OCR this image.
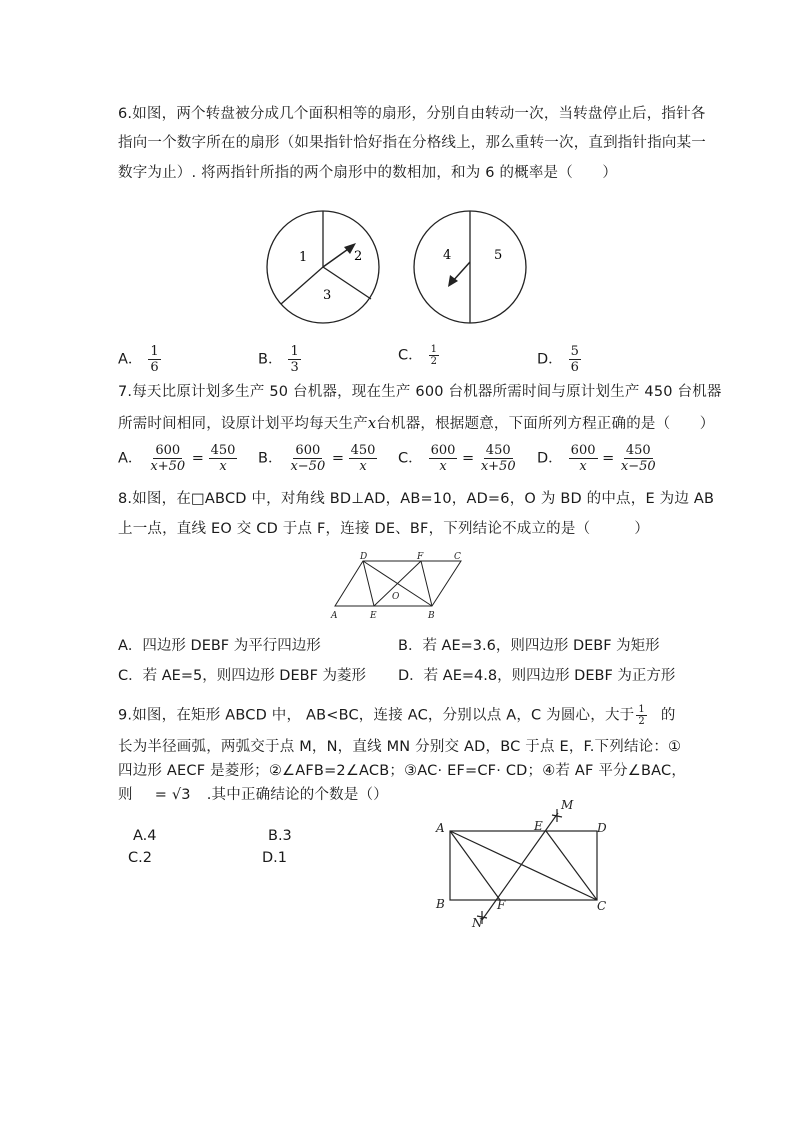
6.如图，两个转盘被分成几个面积相等的扇形，分别自由转动一次，当转盘停止后，指针各
指向一个数字所在的扇形（如果指针恰好指在分格线上，那么重转一次，直到指针指向某一
数字为止）. 将两指针所指的两个扇形中的数相加，和为 6 的概率是（　　）
1	2
3
4	5
A． $\frac{1}{6}$	B． $\frac{1}{3}$	C． $\frac{1}{2}$	D． $\frac{5}{6}$
7.每天比原计划多生产 50 台机器，现在生产 600 台机器所需时间与原计划生产 450 台机器
所需时间相同，设原计划平均每天生产x台机器，根据题意，下面所列方程正确的是（　　）
A． $\frac{600}{x+50} = \frac{450}{x}$ B． $\frac{600}{x-50} = \frac{450}{x}$ C． $\frac{600}{x} = \frac{450}{x+50}$ D． $\frac{600}{x} = \frac{450}{x-50}$
8.如图，在□ABCD 中，对角线 BD⊥AD，AB=10，AD=6，O 为 BD 的中点，E 为边 AB
上一点，直线 EO 交 CD 于点 F，连接 DE、BF，下列结论不成立的是（　　　）
D	F	C
O
A	E	B
A．四边形 DEBF 为平行四边形	B．若 AE=3.6，则四边形 DEBF 为矩形
C．若 AE=5，则四边形 DEBF 为菱形 D．若 AE=4.8，则四边形 DEBF 为正方形
9.如图，在矩形 ABCD 中， AB<BC，连接 AC，分别以点 A，C 为圆心，大于 $\frac{1}{2}$ 的
长为半径画弧，两弧交于点 M，N，直线 MN 分别交 AD，BC 于点 E，F.下列结论：①
四边形 AECF 是菱形；②∠AFB=2∠ACB；③AC· EF=CF· CD；④若 AF 平分∠BAC，
则 = √3 .其中正确结论的个数是（）
A.4	B.3
C.2	D.1
A	E	D
M
B	F	C
N
